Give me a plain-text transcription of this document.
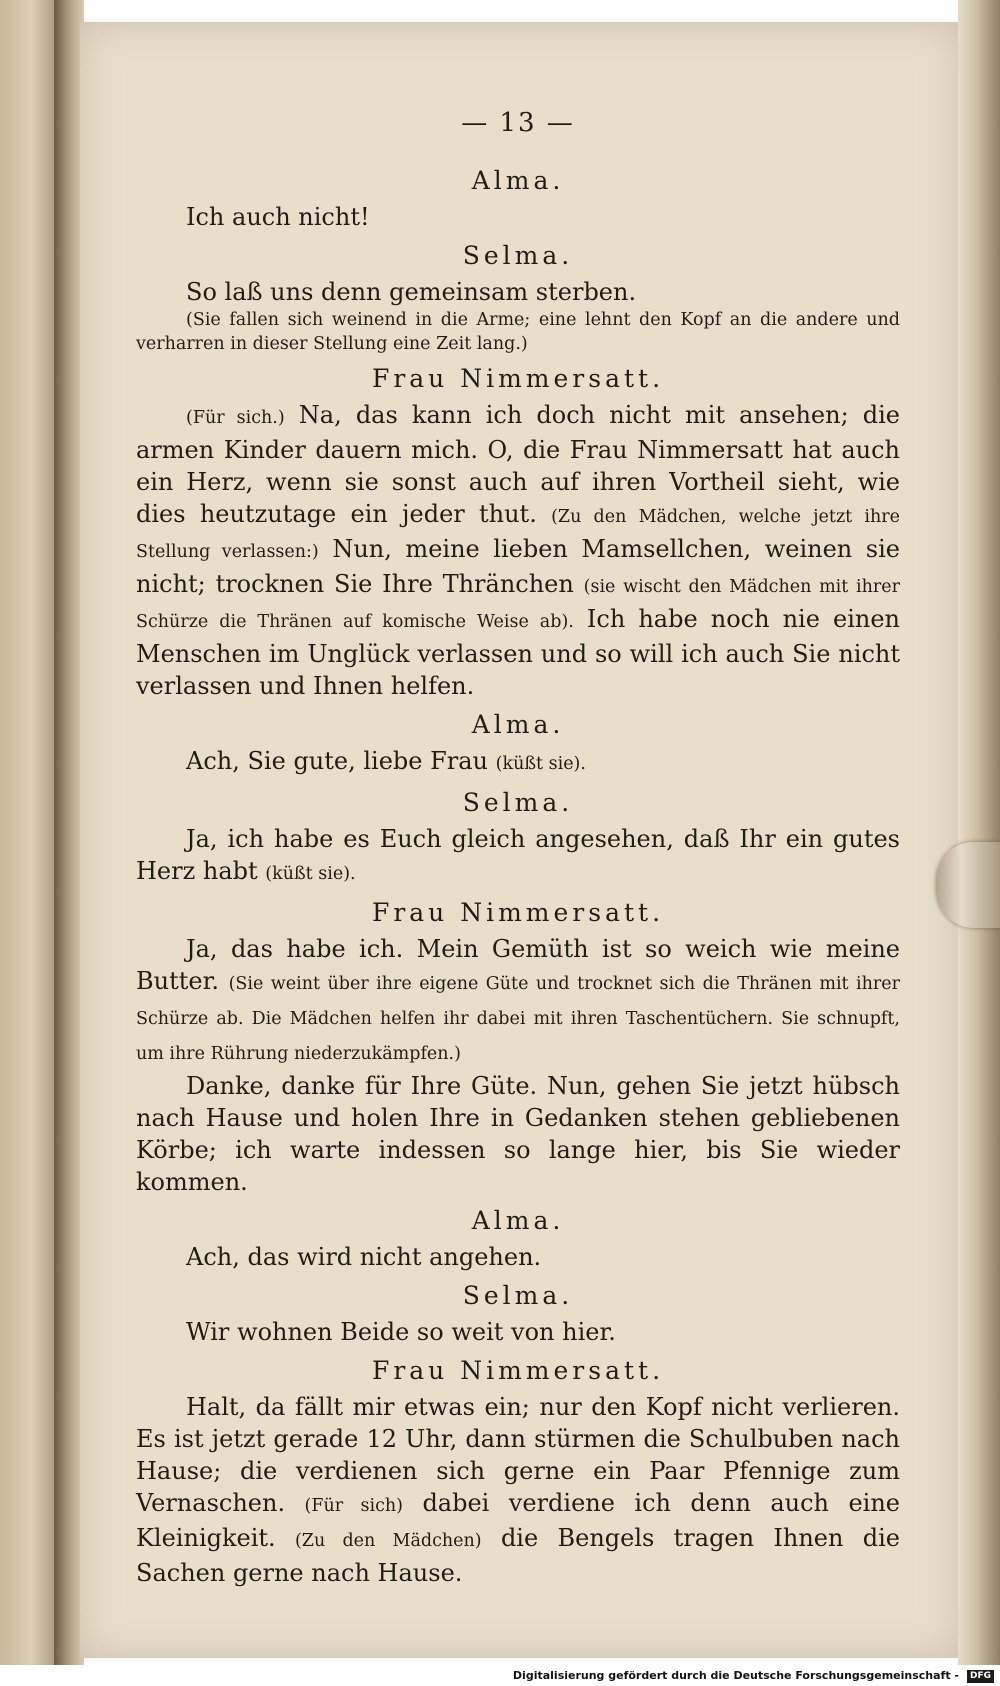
— 13 —
Alma.

Ich auch nicht!

Selma.

So laß uns denn gemeinsam sterben.

(Sie fallen sich weinend in die Arme; eine lehnt den Kopf an die andere und verharren in dieser Stellung eine Zeit lang.)

Frau Nimmersatt.

(Für sich.) Na, das kann ich doch nicht mit ansehen; die armen Kinder dauern mich. O, die Frau Nimmersatt hat auch ein Herz, wenn sie sonst auch auf ihren Vortheil sieht, wie dies heutzutage ein jeder thut. (Zu den Mädchen, welche jetzt ihre Stellung verlassen:) Nun, meine lieben Mamsellchen, weinen sie nicht; trocknen Sie Ihre Thränchen (sie wischt den Mädchen mit ihrer Schürze die Thränen auf komische Weise ab). Ich habe noch nie einen Menschen im Unglück verlassen und so will ich auch Sie nicht verlassen und Ihnen helfen.

Alma.

Ach, Sie gute, liebe Frau (küßt sie).

Selma.

Ja, ich habe es Euch gleich angesehen, daß Ihr ein gutes Herz habt (küßt sie).

Frau Nimmersatt.

Ja, das habe ich. Mein Gemüth ist so weich wie meine Butter. (Sie weint über ihre eigene Güte und trocknet sich die Thränen mit ihrer Schürze ab. Die Mädchen helfen ihr dabei mit ihren Taschentüchern. Sie schnupft, um ihre Rührung niederzukämpfen.)

Danke, danke für Ihre Güte. Nun, gehen Sie jetzt hübsch nach Hause und holen Ihre in Gedanken stehen gebliebenen Körbe; ich warte indessen so lange hier, bis Sie wieder kommen.

Alma.

Ach, das wird nicht angehen.

Selma.

Wir wohnen Beide so weit von hier.

Frau Nimmersatt.

Halt, da fällt mir etwas ein; nur den Kopf nicht verlieren. Es ist jetzt gerade 12 Uhr, dann stürmen die Schulbuben nach Hause; die verdienen sich gerne ein Paar Pfennige zum Vernaschen. (Für sich) dabei verdiene ich denn auch eine Kleinigkeit. (Zu den Mädchen) die Bengels tragen Ihnen die Sachen gerne nach Hause.

Digitalisierung gefördert durch die Deutsche Forschungsgemeinschaft - DFG
